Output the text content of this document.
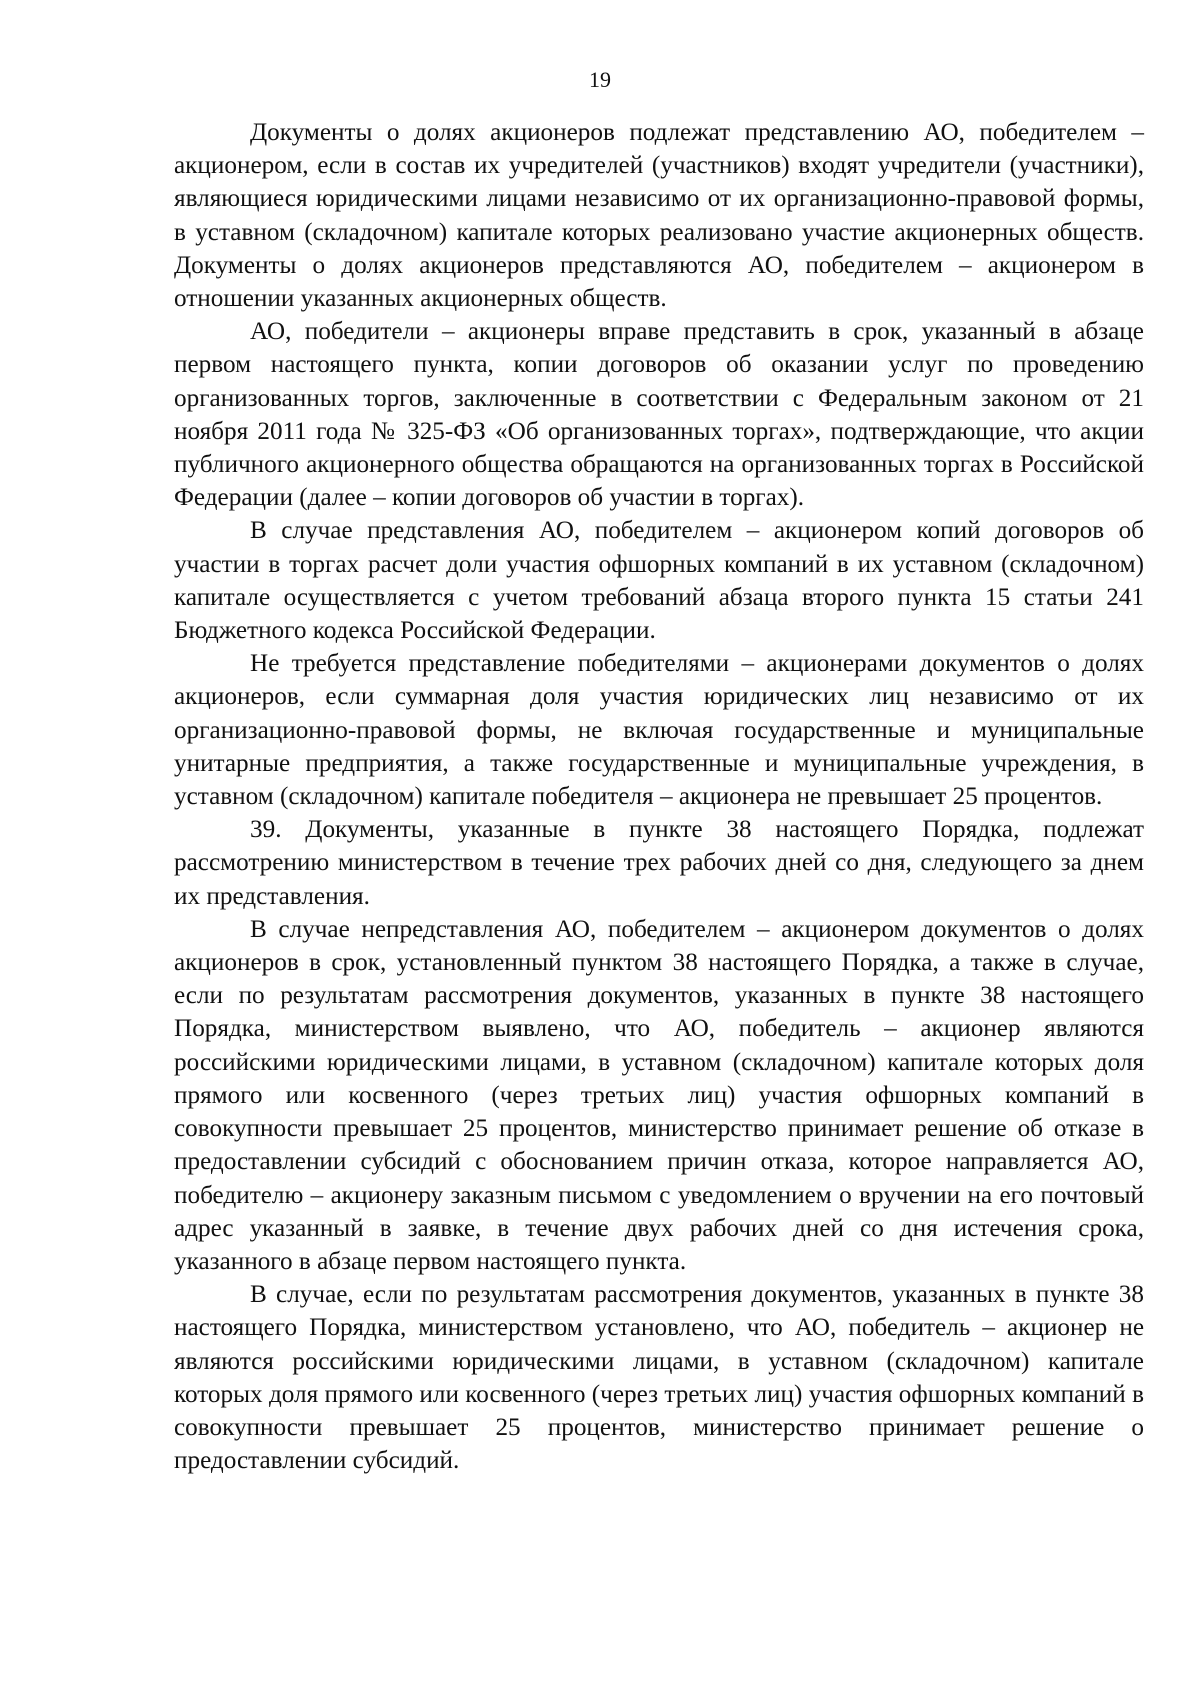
19

Документы о долях акционеров подлежат представлению АО, победителем – акционером, если в состав их учредителей (участников) входят учредители (участники), являющиеся юридическими лицами независимо от их организационно-правовой формы, в уставном (складочном) капитале которых реализовано участие акционерных обществ. Документы о долях акционеров представляются АО, победителем – акционером в отношении указанных акционерных обществ.

АО, победители – акционеры вправе представить в срок, указанный в абзаце первом настоящего пункта, копии договоров об оказании услуг по проведению организованных торгов, заключенные в соответствии с Федеральным законом от 21 ноября 2011 года № 325-ФЗ «Об организованных торгах», подтверждающие, что акции публичного акционерного общества обращаются на организованных торгах в Российской Федерации (далее – копии договоров об участии в торгах).

В случае представления АО, победителем – акционером копий договоров об участии в торгах расчет доли участия офшорных компаний в их уставном (складочном) капитале осуществляется с учетом требований абзаца второго пункта 15 статьи 241 Бюджетного кодекса Российской Федерации.

Не требуется представление победителями – акционерами документов о долях акционеров, если суммарная доля участия юридических лиц независимо от их организационно-правовой формы, не включая государственные и муниципальные унитарные предприятия, а также государственные и муниципальные учреждения, в уставном (складочном) капитале победителя – акционера не превышает 25 процентов.

39. Документы, указанные в пункте 38 настоящего Порядка, подлежат рассмотрению министерством в течение трех рабочих дней со дня, следующего за днем их представления.

В случае непредставления АО, победителем – акционером документов о долях акционеров в срок, установленный пунктом 38 настоящего Порядка, а также в случае, если по результатам рассмотрения документов, указанных в пункте 38 настоящего Порядка, министерством выявлено, что АО, победитель – акционер являются российскими юридическими лицами, в уставном (складочном) капитале которых доля прямого или косвенного (через третьих лиц) участия офшорных компаний в совокупности превышает 25 процентов, министерство принимает решение об отказе в предоставлении субсидий с обоснованием причин отказа, которое направляется АО, победителю – акционеру заказным письмом с уведомлением о вручении на его почтовый адрес указанный в заявке, в течение двух рабочих дней со дня истечения срока, указанного в абзаце первом настоящего пункта.

В случае, если по результатам рассмотрения документов, указанных в пункте 38 настоящего Порядка, министерством установлено, что АО, победитель – акционер не являются российскими юридическими лицами, в уставном (складочном) капитале которых доля прямого или косвенного (через третьих лиц) участия офшорных компаний в совокупности превышает 25 процентов, министерство принимает решение о предоставлении субсидий.
